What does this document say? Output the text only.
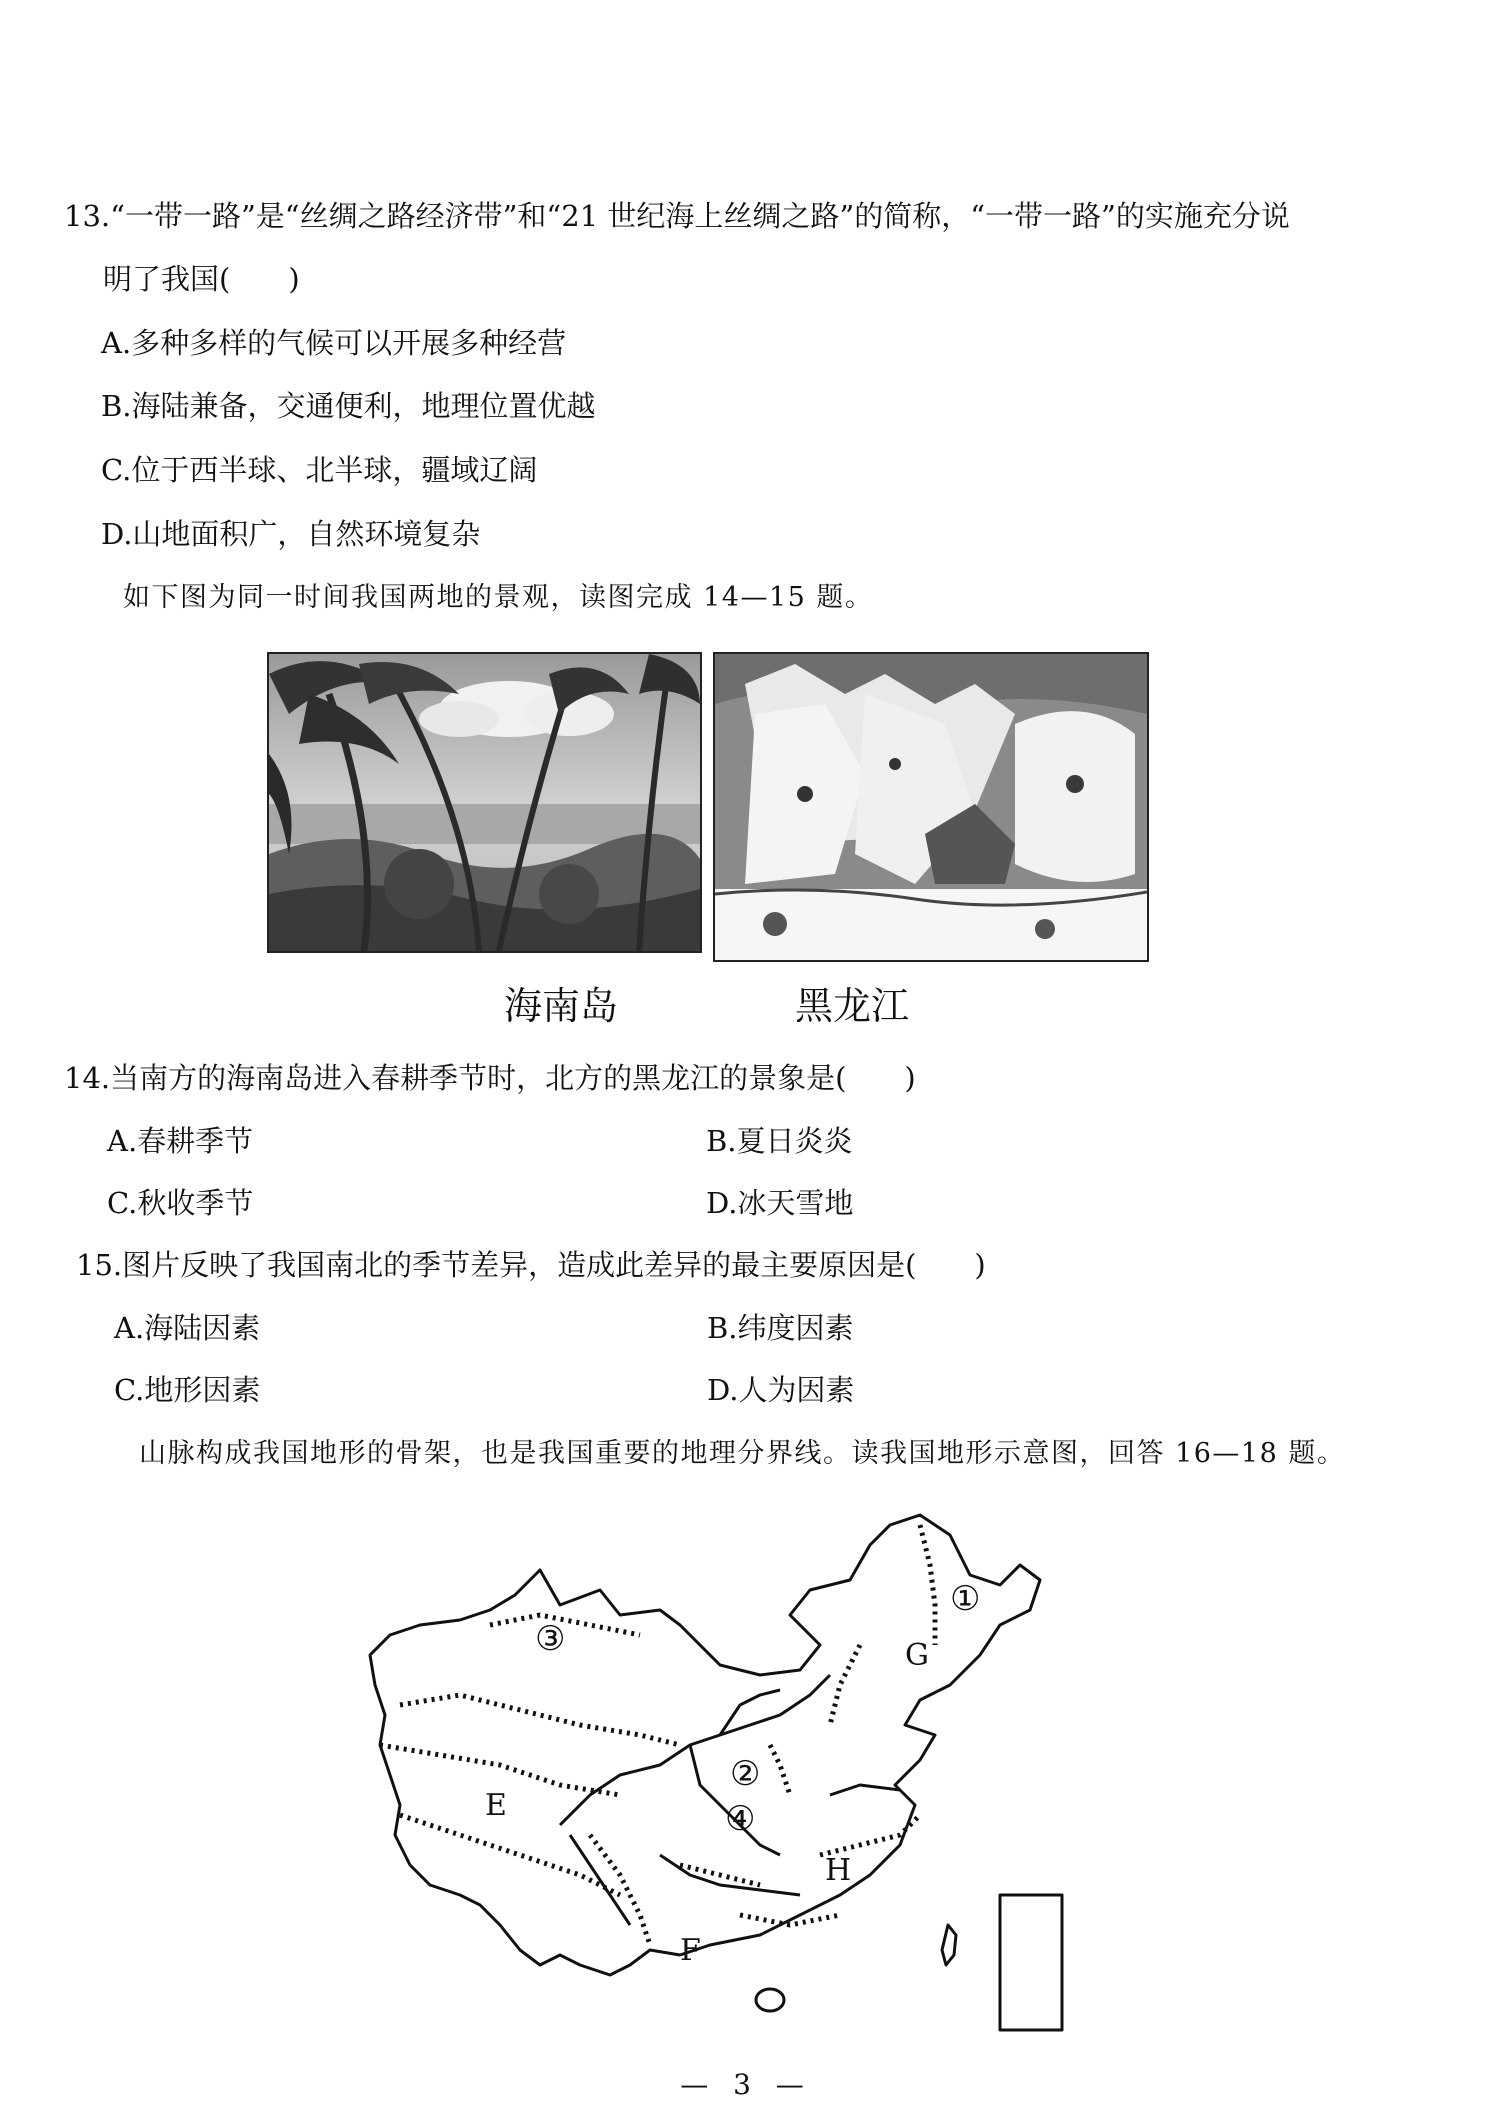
13.“一带一路”是“丝绸之路经济带”和“21 世纪海上丝绸之路”的简称，“一带一路”的实施充分说
明了我国(　　)
A.多种多样的气候可以开展多种经营
B.海陆兼备，交通便利，地理位置优越
C.位于西半球、北半球，疆域辽阔
D.山地面积广，自然环境复杂
如下图为同一时间我国两地的景观，读图完成 14—15 题。
海南岛	黑龙江
14.当南方的海南岛进入春耕季节时，北方的黑龙江的景象是(　　)
A.春耕季节	B.夏日炎炎
C.秋收季节	D.冰天雪地
15.图片反映了我国南北的季节差异，造成此差异的最主要原因是(　　)
A.海陆因素	B.纬度因素
C.地形因素	D.人为因素
山脉构成我国地形的骨架，也是我国重要的地理分界线。读我国地形示意图，回答 16—18 题。
①
③
②
④
E
F
G
H
— 3 —
